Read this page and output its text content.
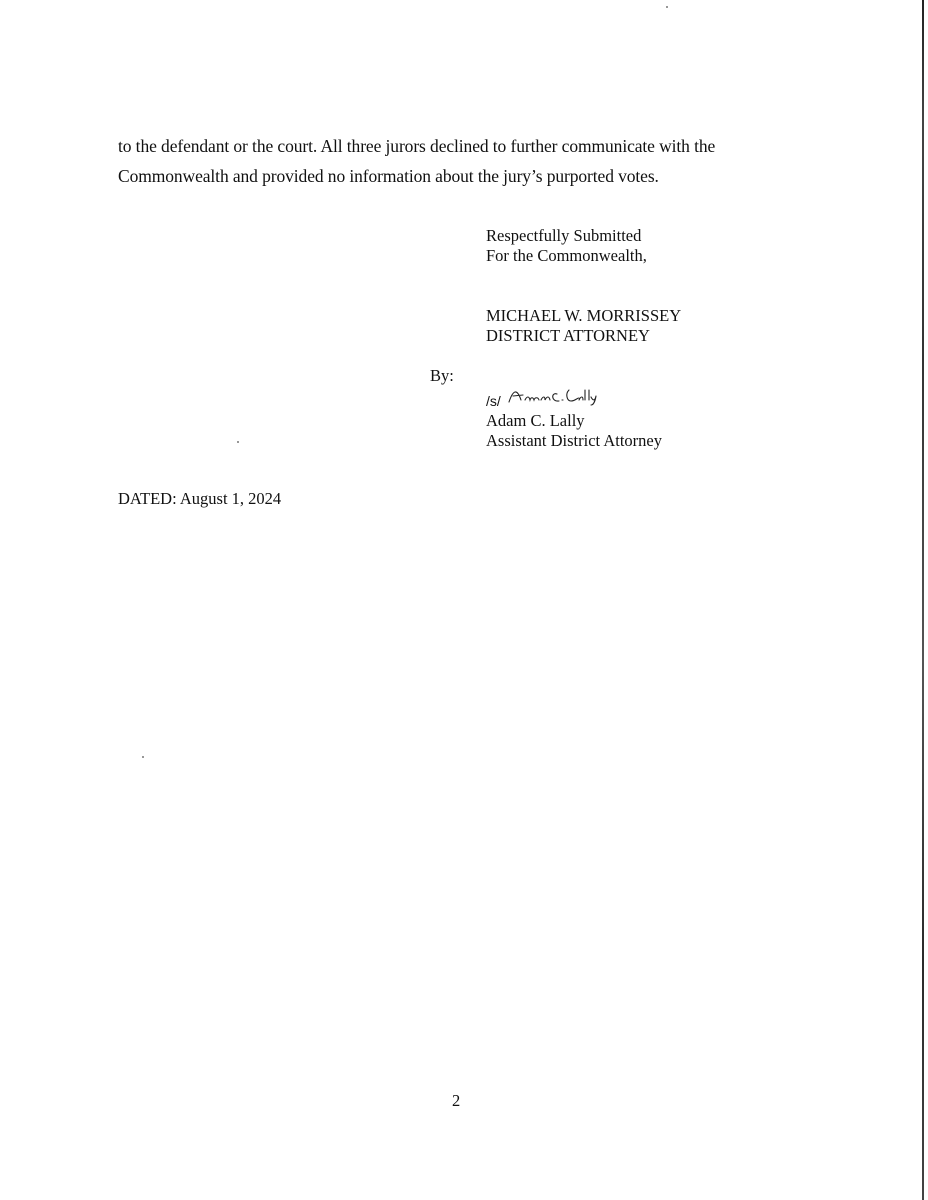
to the defendant or the court. All three jurors declined to further communicate with the

Commonwealth and provided no information about the jury’s purported votes.

Respectfully Submitted
For the Commonwealth,
MICHAEL W. MORRISSEY
DISTRICT ATTORNEY
By:
/s/
Adam C. Lally
Assistant District Attorney
DATED: August 1, 2024
2
